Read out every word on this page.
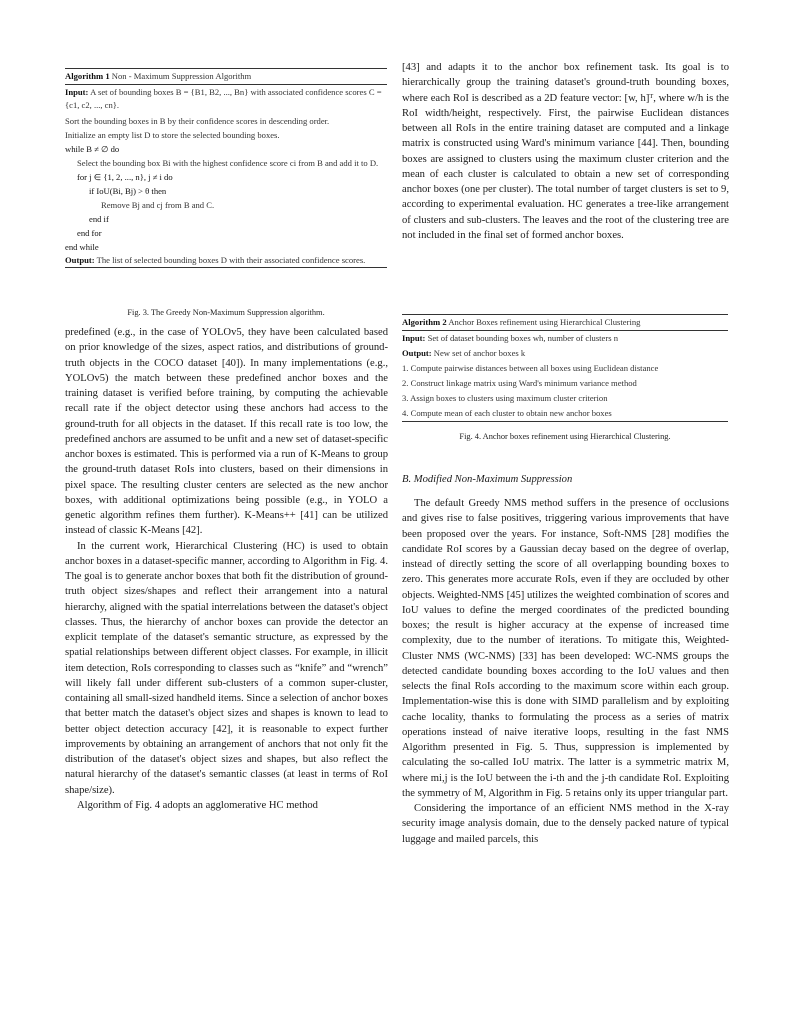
Algorithm 1 Non - Maximum Suppression Algorithm
Input: A set of bounding boxes B = {B1, B2, ..., Bn} with associated confidence scores C = {c1, c2, ..., cn}.
Sort the bounding boxes in B by their confidence scores in descending order.
Initialize an empty list D to store the selected bounding boxes.
while B ≠ ∅ do
Select the bounding box Bi with the highest confidence score ci from B and add it to D.
for j ∈ {1, 2, ..., n}, j ≠ i do
if IoU(Bi, Bj) > θ then
Remove Bj and cj from B and C.
end if
end for
end while
Output: The list of selected bounding boxes D with their associated confidence scores.
Fig. 3. The Greedy Non-Maximum Suppression algorithm.

predefined (e.g., in the case of YOLOv5, they have been calculated based on prior knowledge of the sizes, aspect ratios, and distributions of ground-truth objects in the COCO dataset [40]). In many implementations (e.g., YOLOv5) the match between these predefined anchor boxes and the training dataset is verified before training, by computing the achievable recall rate if the object detector using these anchors had access to the ground-truth for all objects in the dataset. If this recall rate is too low, the predefined anchors are assumed to be unfit and a new set of dataset-specific anchor boxes is estimated. This is performed via a run of K-Means to group the ground-truth dataset RoIs into clusters, based on their dimensions in pixel space. The resulting cluster centers are selected as the new anchor boxes, with additional optimizations being possible (e.g., in YOLO a genetic algorithm refines them further). K-Means++ [41] can be utilized instead of classic K-Means [42].

In the current work, Hierarchical Clustering (HC) is used to obtain anchor boxes in a dataset-specific manner, according to Algorithm in Fig. 4. The goal is to generate anchor boxes that both fit the distribution of ground-truth object sizes/shapes and reflect their arrangement into a natural hierarchy, aligned with the spatial interrelations between the dataset's object classes. Thus, the hierarchy of anchor boxes can provide the detector an explicit template of the dataset's semantic structure, as expressed by the spatial relationships between different object classes. For example, in illicit item detection, RoIs corresponding to classes such as “knife” and “wrench” will likely fall under different sub-clusters of a common super-cluster, containing all small-sized handheld items. Since a selection of anchor boxes that better match the dataset's object sizes and shapes is known to lead to better object detection accuracy [42], it is reasonable to expect further improvements by obtaining an arrangement of anchors that not only fit the distribution of the dataset's object sizes and shapes, but also reflect the natural hierarchy of the dataset's semantic classes (at least in terms of RoI shape/size).

Algorithm of Fig. 4 adopts an agglomerative HC method

[43] and adapts it to the anchor box refinement task. Its goal is to hierarchically group the training dataset's ground-truth bounding boxes, where each RoI is described as a 2D feature vector: [w, h]ᵀ, where w/h is the RoI width/height, respectively. First, the pairwise Euclidean distances between all RoIs in the entire training dataset are computed and a linkage matrix is constructed using Ward's minimum variance [44]. Then, bounding boxes are assigned to clusters using the maximum cluster criterion and the mean of each cluster is calculated to obtain a new set of corresponding anchor boxes (one per cluster). The total number of target clusters is set to 9, according to experimental evaluation. HC generates a tree-like arrangement of clusters and sub-clusters. The leaves and the root of the clustering tree are not included in the final set of formed anchor boxes.

Algorithm 2 Anchor Boxes refinement using Hierarchical Clustering
Input: Set of dataset bounding boxes wh, number of clusters n
Output: New set of anchor boxes k
1. Compute pairwise distances between all boxes using Euclidean distance
2. Construct linkage matrix using Ward's minimum variance method
3. Assign boxes to clusters using maximum cluster criterion
4. Compute mean of each cluster to obtain new anchor boxes
Fig. 4. Anchor boxes refinement using Hierarchical Clustering.
B. Modified Non-Maximum Suppression

The default Greedy NMS method suffers in the presence of occlusions and gives rise to false positives, triggering various improvements that have been proposed over the years. For instance, Soft-NMS [28] modifies the candidate RoI scores by a Gaussian decay based on the degree of overlap, instead of directly setting the score of all overlapping bounding boxes to zero. This generates more accurate RoIs, even if they are occluded by other objects. Weighted-NMS [45] utilizes the weighted combination of scores and IoU values to define the merged coordinates of the predicted bounding boxes; the result is higher accuracy at the expense of increased time complexity, due to the number of iterations. To mitigate this, Weighted-Cluster NMS (WC-NMS) [33] has been developed: WC-NMS groups the detected candidate bounding boxes according to the IoU values and then selects the final RoIs according to the maximum score within each group. Implementation-wise this is done with SIMD parallelism and by exploiting cache locality, thanks to formulating the process as a series of matrix operations instead of naive iterative loops, resulting in the fast NMS Algorithm presented in Fig. 5. Thus, suppression is implemented by calculating the so-called IoU matrix. The latter is a symmetric matrix M, where mi,j is the IoU between the i-th and the j-th candidate RoI. Exploiting the symmetry of M, Algorithm in Fig. 5 retains only its upper triangular part.

Considering the importance of an efficient NMS method in the X-ray security image analysis domain, due to the densely packed nature of typical luggage and mailed parcels, this
